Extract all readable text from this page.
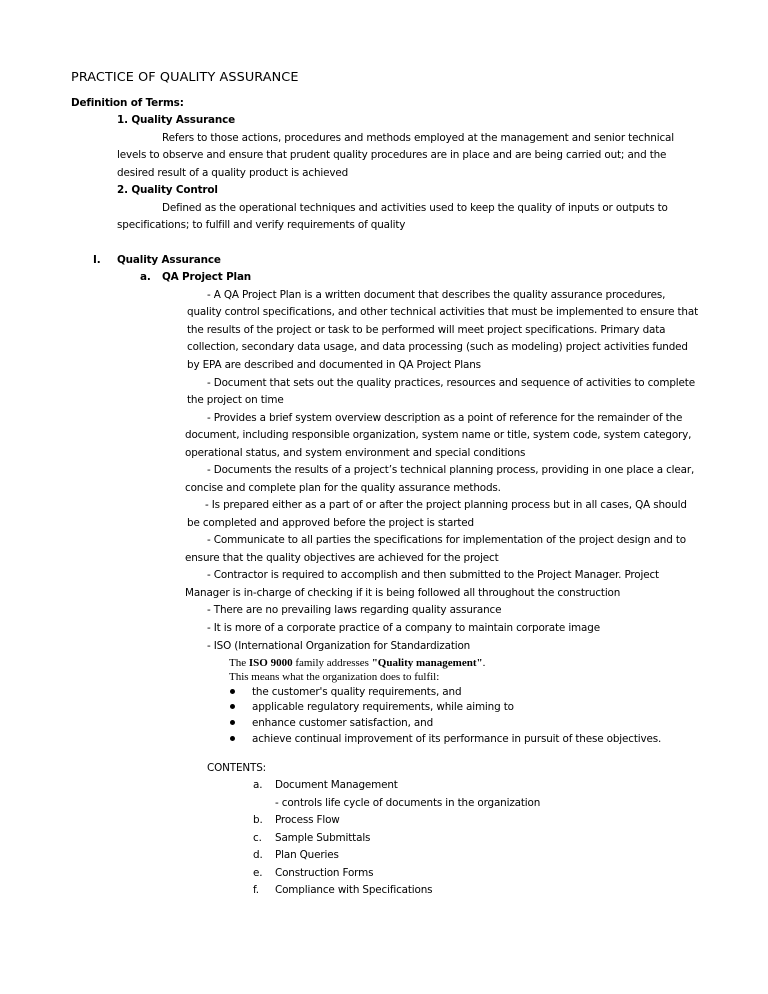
PRACTICE OF QUALITY ASSURANCE
Definition of Terms:
1. Quality Assurance
Refers to those actions, procedures and methods employed at the management and senior technical
levels to observe and ensure that prudent quality procedures are in place and are being carried out; and the
desired result of a quality product is achieved
2. Quality Control
Defined as the operational techniques and activities used to keep the quality of inputs or outputs to
specifications; to fulfill and verify requirements of quality
I. Quality Assurance
a. QA Project Plan
- A QA Project Plan is a written document that describes the quality assurance procedures,
quality control specifications, and other technical activities that must be implemented to ensure that
the results of the project or task to be performed will meet project specifications. Primary data
collection, secondary data usage, and data processing (such as modeling) project activities funded
by EPA are described and documented in QA Project Plans
- Document that sets out the quality practices, resources and sequence of activities to complete
the project on time
- Provides a brief system overview description as a point of reference for the remainder of the
document, including responsible organization, system name or title, system code, system category,
operational status, and system environment and special conditions
- Documents the results of a project’s technical planning process, providing in one place a clear,
concise and complete plan for the quality assurance methods.
- Is prepared either as a part of or after the project planning process but in all cases, QA should
be completed and approved before the project is started
- Communicate to all parties the specifications for implementation of the project design and to
ensure that the quality objectives are achieved for the project
- Contractor is required to accomplish and then submitted to the Project Manager. Project
Manager is in-charge of checking if it is being followed all throughout the construction
- There are no prevailing laws regarding quality assurance
- It is more of a corporate practice of a company to maintain corporate image
- ISO (International Organization for Standardization
The ISO 9000 family addresses "Quality management".
This means what the organization does to fulfil:
the customer's quality requirements, and
applicable regulatory requirements, while aiming to
enhance customer satisfaction, and
achieve continual improvement of its performance in pursuit of these objectives.
CONTENTS:
a. Document Management
- controls life cycle of documents in the organization
b. Process Flow
c. Sample Submittals
d. Plan Queries
e. Construction Forms
f. Compliance with Specifications
